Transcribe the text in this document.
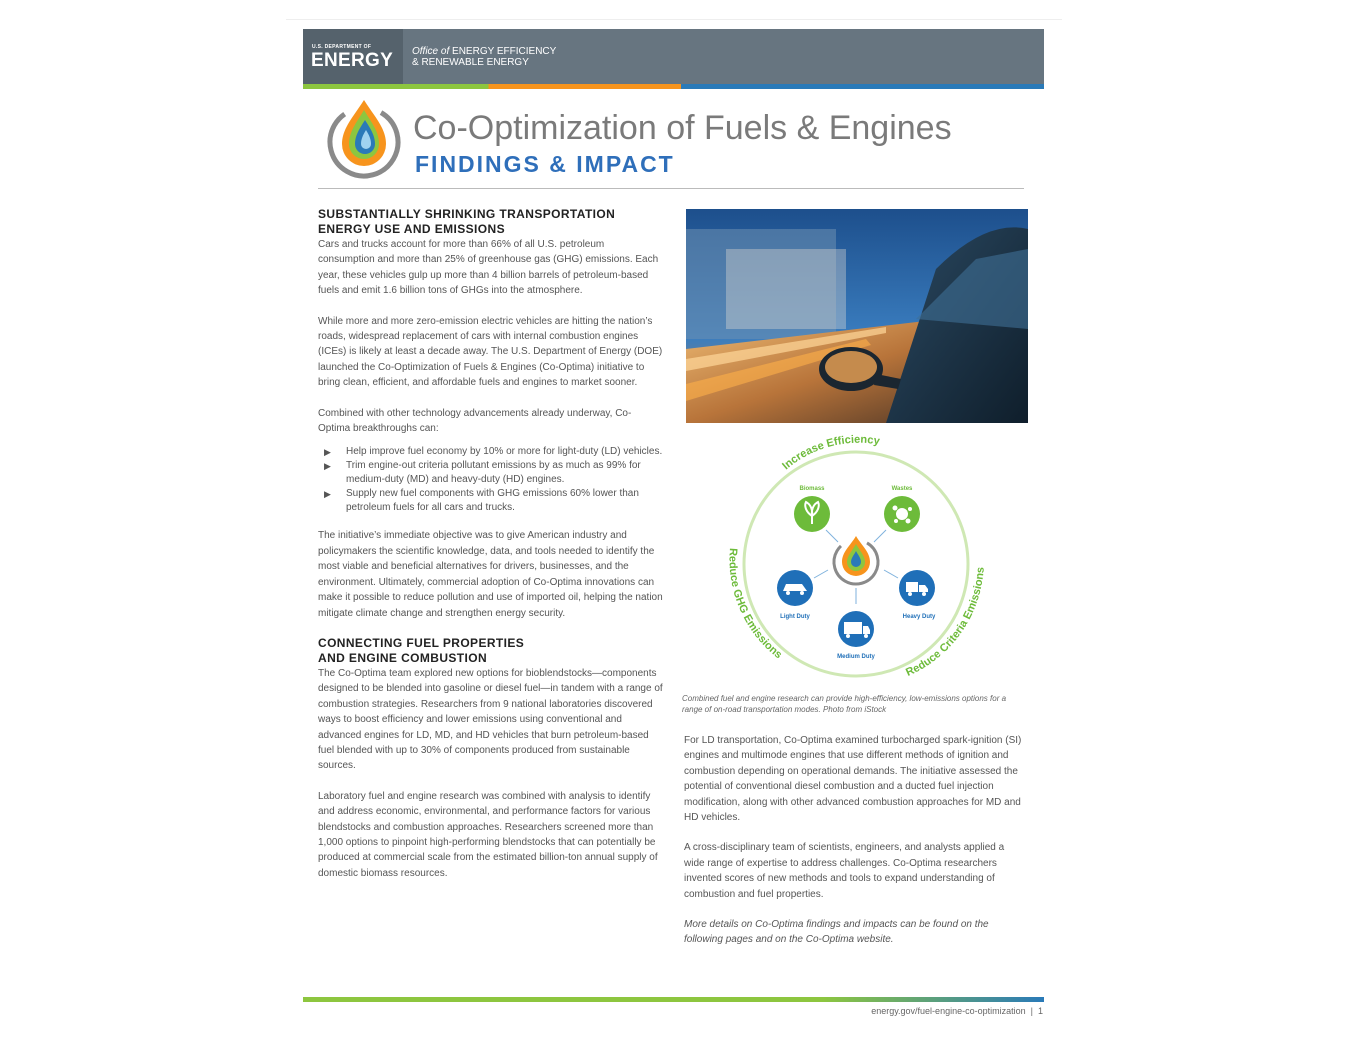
U.S. DEPARTMENT OF
ENERGY Office of ENERGY EFFICIENCY
& RENEWABLE ENERGY
Co-Optimization of Fuels & Engines
FINDINGS & IMPACT
SUBSTANTIALLY SHRINKING TRANSPORTATION
ENERGY USE AND EMISSIONS

Cars and trucks account for more than 66% of all U.S. petroleum consumption and more than 25% of greenhouse gas (GHG) emissions. Each year, these vehicles gulp up more than 4 billion barrels of petroleum-based fuels and emit 1.6 billion tons of GHGs into the atmosphere.

While more and more zero-emission electric vehicles are hitting the nation’s roads, widespread replacement of cars with internal combustion engines (ICEs) is likely at least a decade away. The U.S. Department of Energy (DOE) launched the Co-Optimization of Fuels & Engines (Co-Optima) initiative to bring clean, efficient, and affordable fuels and engines to market sooner.

Combined with other technology advancements already underway, Co-Optima breakthroughs can:

▶ Help improve fuel economy by 10% or more for light-duty (LD) vehicles.
▶ Trim engine-out criteria pollutant emissions by as much as 99% for medium-duty (MD) and heavy-duty (HD) engines.
▶ Supply new fuel components with GHG emissions 60% lower than petroleum fuels for all cars and trucks.

The initiative’s immediate objective was to give American industry and policymakers the scientific knowledge, data, and tools needed to identify the most viable and beneficial alternatives for drivers, businesses, and the environment. Ultimately, commercial adoption of Co-Optima innovations can make it possible to reduce pollution and use of imported oil, helping the nation mitigate climate change and strengthen energy security.

CONNECTING FUEL PROPERTIES
AND ENGINE COMBUSTION

The Co-Optima team explored new options for bioblendstocks—components designed to be blended into gasoline or diesel fuel—in tandem with a range of combustion strategies. Researchers from 9 national laboratories discovered ways to boost efficiency and lower emissions using conventional and advanced engines for LD, MD, and HD vehicles that burn petroleum-based fuel blended with up to 30% of components produced from sustainable sources.

Laboratory fuel and engine research was combined with analysis to identify and address economic, environmental, and performance factors for various blendstocks and combustion approaches. Researchers screened more than 1,000 options to pinpoint high-performing blendstocks that can potentially be produced at commercial scale from the estimated billion-ton annual supply of domestic biomass resources.

Increase Efficiency
Reduce GHG Emissions
Reduce Criteria Emissions
Biomass	Wastes
Light Duty	Heavy Duty
Medium Duty
Combined fuel and engine research can provide high-efficiency, low-emissions options for a range of on-road transportation modes. Photo from iStock

For LD transportation, Co-Optima examined turbocharged spark-ignition (SI) engines and multimode engines that use different methods of ignition and combustion depending on operational demands. The initiative assessed the potential of conventional diesel combustion and a ducted fuel injection modification, along with other advanced combustion approaches for MD and HD vehicles.

A cross-disciplinary team of scientists, engineers, and analysts applied a wide range of expertise to address challenges. Co-Optima researchers invented scores of new methods and tools to expand understanding of combustion and fuel properties.

More details on Co-Optima findings and impacts can be found on the following pages and on the Co-Optima website.

energy.gov/fuel-engine-co-optimization | 1
